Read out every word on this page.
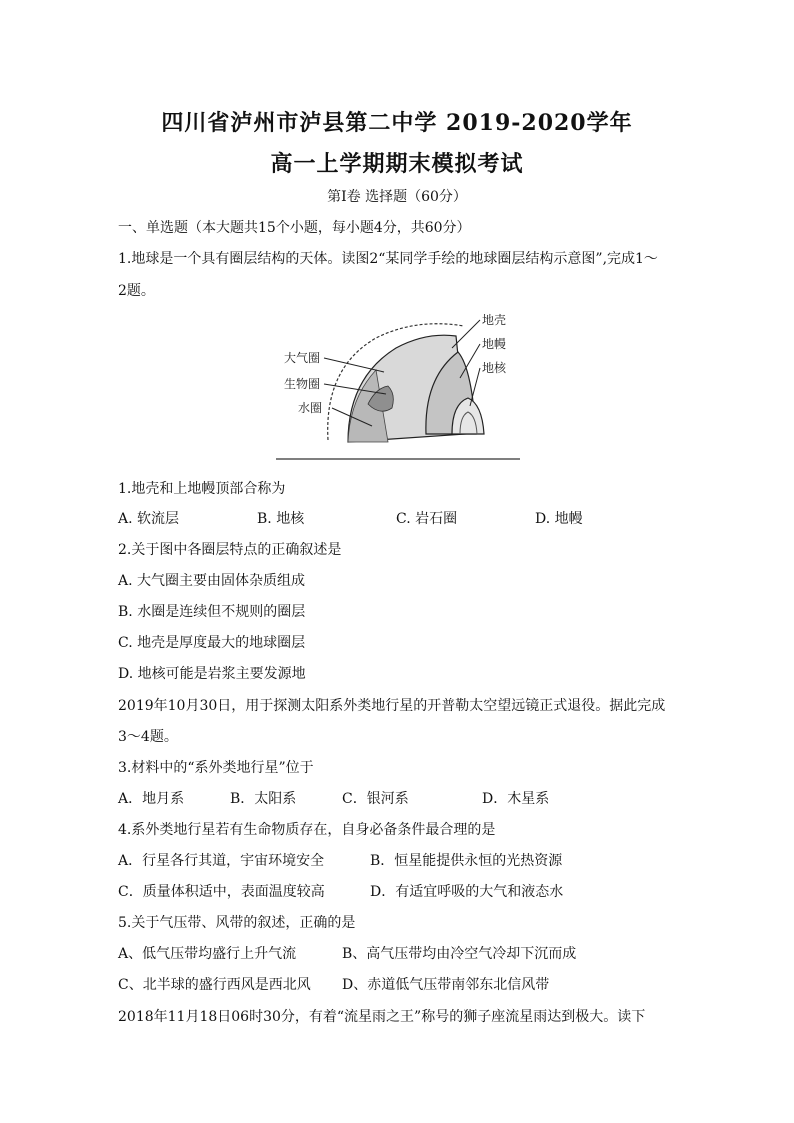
四川省泸州市泸县第二中学 2019-2020学年
高一上学期期末模拟考试
第Ⅰ卷 选择题（60分）
一、单选题（本大题共15个小题，每小题4分，共60分）
1.地球是一个具有圈层结构的天体。读图2“某同学手绘的地球圈层结构示意图”,完成1～
2题。
大气圈
生物圈
水圈
地壳
地幔
地核
1.地壳和上地幔顶部合称为
A. 软流层	B. 地核	C. 岩石圈	D. 地幔
2.关于图中各圈层特点的正确叙述是
A. 大气圈主要由固体杂质组成
B. 水圈是连续但不规则的圈层
C. 地壳是厚度最大的地球圈层
D. 地核可能是岩浆主要发源地
2019年10月30日，用于探测太阳系外类地行星的开普勒太空望远镜正式退役。据此完成
3～4题。
3.材料中的“系外类地行星”位于
A．地月系	B．太阳系	C．银河系	D．木星系
4.系外类地行星若有生命物质存在，自身必备条件最合理的是
A．行星各行其道，宇宙环境安全	B．恒星能提供永恒的光热资源
C．质量体积适中，表面温度较高	D．有适宜呼吸的大气和液态水
5.关于气压带、风带的叙述，正确的是
A、低气压带均盛行上升气流	B、高气压带均由冷空气冷却下沉而成
C、北半球的盛行西风是西北风 D、赤道低气压带南邻东北信风带
2018年11月18日06时30分，有着“流星雨之王”称号的狮子座流星雨达到极大。读下
